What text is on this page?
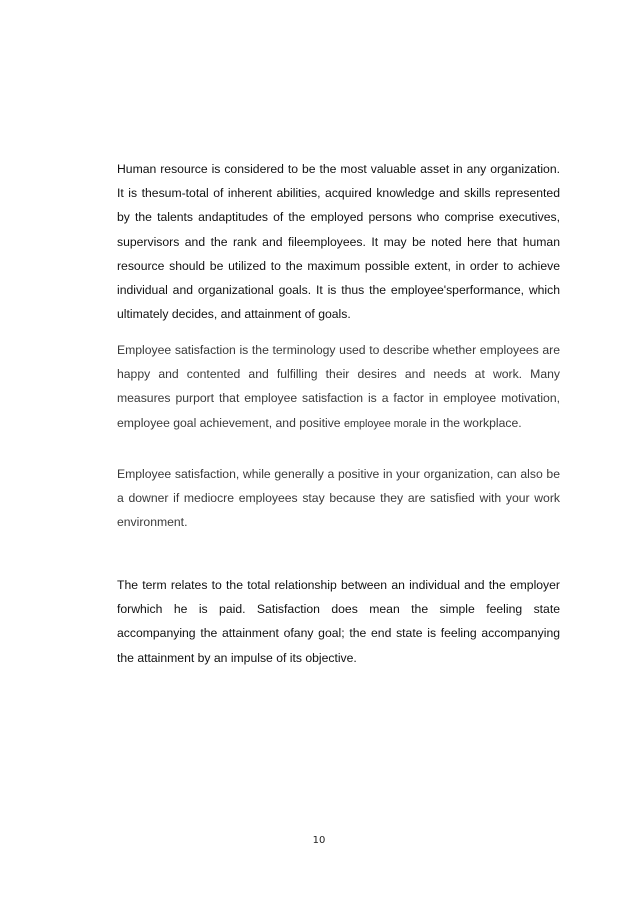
Human resource is considered to be the most valuable asset in any organization. It is thesum-total of inherent abilities, acquired knowledge and skills represented by the talents andaptitudes of the employed persons who comprise executives, supervisors and the rank and fileemployees. It may be noted here that human resource should be utilized to the maximum possible extent, in order to achieve individual and organizational goals. It is thus the employee'sperformance, which ultimately decides, and attainment of goals.

Employee satisfaction is the terminology used to describe whether employees are happy and contented and fulfilling their desires and needs at work. Many measures purport that employee satisfaction is a factor in employee motivation, employee goal achievement, and positive employee morale in the workplace.

Employee satisfaction, while generally a positive in your organization, can also be a downer if mediocre employees stay because they are satisfied with your work environment.

The term relates to the total relationship between an individual and the employer forwhich he is paid. Satisfaction does mean the simple feeling state accompanying the attainment ofany goal; the end state is feeling accompanying the attainment by an impulse of its objective.

10
